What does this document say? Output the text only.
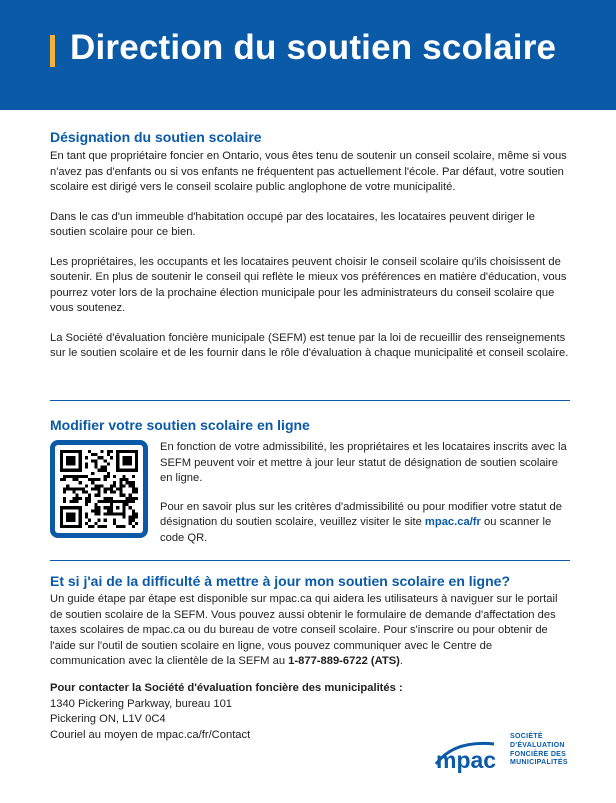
Direction du soutien scolaire
Désignation du soutien scolaire

En tant que propriétaire foncier en Ontario, vous êtes tenu de soutenir un conseil scolaire, même si vous n'avez pas d'enfants ou si vos enfants ne fréquentent pas actuellement l'école. Par défaut, votre soutien scolaire est dirigé vers le conseil scolaire public anglophone de votre municipalité.

Dans le cas d'un immeuble d'habitation occupé par des locataires, les locataires peuvent diriger le soutien scolaire pour ce bien.

Les propriétaires, les occupants et les locataires peuvent choisir le conseil scolaire qu'ils choisissent de soutenir. En plus de soutenir le conseil qui reflète le mieux vos préférences en matière d'éducation, vous pourrez voter lors de la prochaine élection municipale pour les administrateurs du conseil scolaire que vous soutenez.

La Société d'évaluation foncière municipale (SEFM) est tenue par la loi de recueillir des renseignements sur le soutien scolaire et de les fournir dans le rôle d'évaluation à chaque municipalité et conseil scolaire.

Modifier votre soutien scolaire en ligne

En fonction de votre admissibilité, les propriétaires et les locataires inscrits avec la SEFM peuvent voir et mettre à jour leur statut de désignation de soutien scolaire en ligne.

Pour en savoir plus sur les critères d'admissibilité ou pour modifier votre statut de désignation du soutien scolaire, veuillez visiter le site mpac.ca/fr ou scanner le code QR.

Et si j'ai de la difficulté à mettre à jour mon soutien scolaire en ligne?

Un guide étape par étape est disponible sur mpac.ca qui aidera les utilisateurs à naviguer sur le portail de soutien scolaire de la SEFM. Vous pouvez aussi obtenir le formulaire de demande d'affectation des taxes scolaires de mpac.ca ou du bureau de votre conseil scolaire. Pour s'inscrire ou pour obtenir de l'aide sur l'outil de soutien scolaire en ligne, vous pouvez communiquer avec le Centre de communication avec la clientèle de la SEFM au 1-877-889-6722 (ATS).

Pour contacter la Société d'évaluation foncière des municipalités :

1340 Pickering Parkway, bureau 101

Pickering ON, L1V 0C4

Couriel au moyen de mpac.ca/fr/Contact

mpac
SOCIÉTÉ
D'ÉVALUATION
FONCIÈRE DES
MUNICIPALITÉS
